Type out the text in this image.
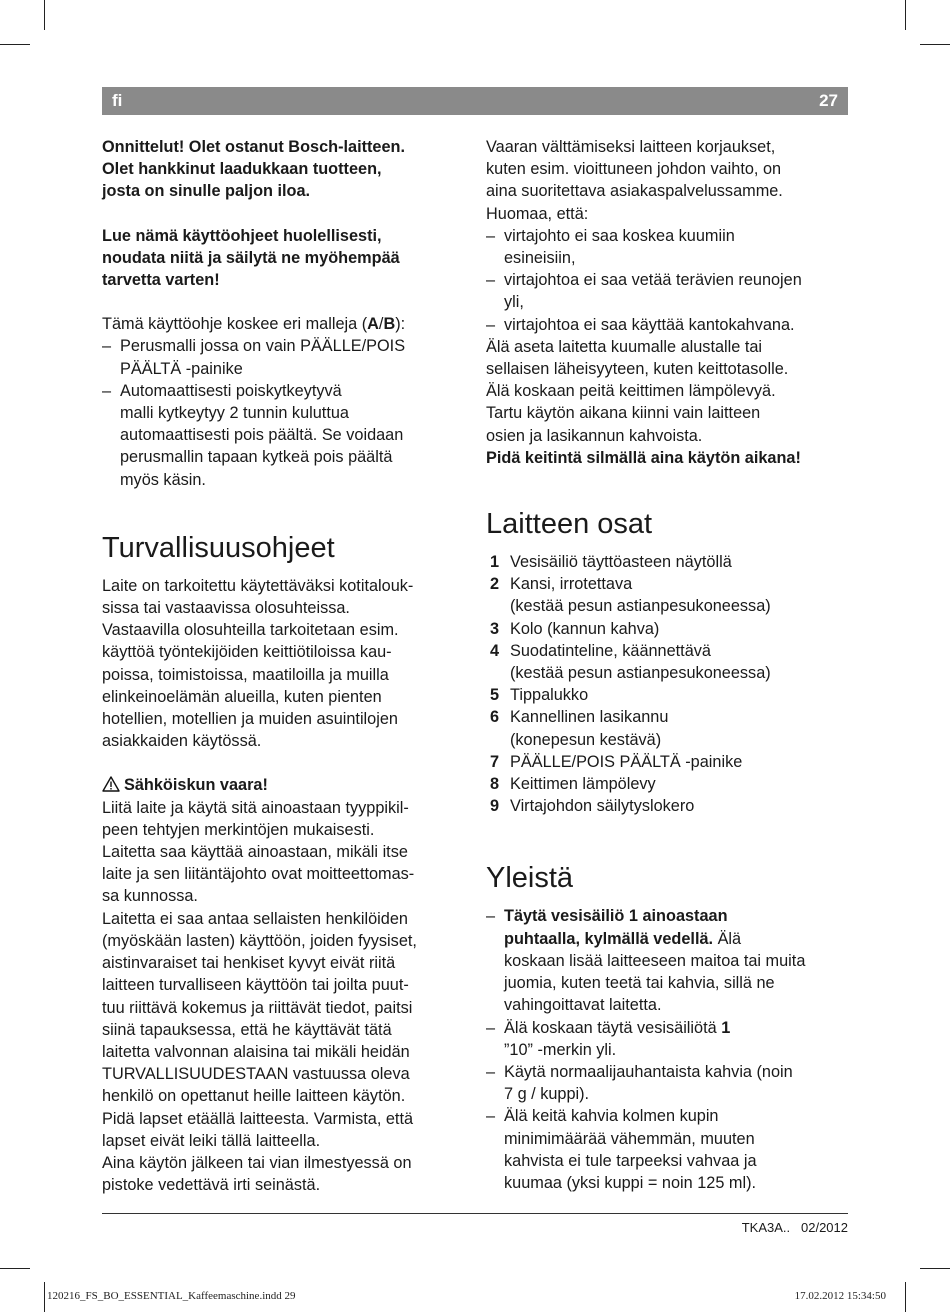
fi	27

Onnittelut! Olet ostanut Bosch-laitteen.

Olet hankkinut laadukkaan tuotteen,

josta on sinulle paljon iloa.

Lue nämä käyttöohjeet huolellisesti,

noudata niitä ja säilytä ne myöhempää

tarvetta varten!

Tämä käyttöohje koskee eri malleja (A/B):

– Perusmalli jossa on vain PÄÄLLE/POIS

PÄÄLTÄ -painike

– Automaattisesti poiskytkeytyvä

malli kytkeytyy 2 tunnin kuluttua

automaattisesti pois päältä. Se voidaan

perusmallin tapaan kytkeä pois päältä

myös käsin.

Turvallisuusohjeet

Laite on tarkoitettu käytettäväksi kotitalouk-

sissa tai vastaavissa olosuhteissa.

Vastaavilla olosuhteilla tarkoitetaan esim.

käyttöä työntekijöiden keittiötiloissa kau-

poissa, toimistoissa, maatiloilla ja muilla

elinkeinoelämän alueilla, kuten pienten

hotellien, motellien ja muiden asuintilojen

asiakkaiden käytössä.

Sähköiskun vaara!

Liitä laite ja käytä sitä ainoastaan tyyppikil-

peen tehtyjen merkintöjen mukaisesti.

Laitetta saa käyttää ainoastaan, mikäli itse

laite ja sen liitäntäjohto ovat moitteettomas-

sa kunnossa.

Laitetta ei saa antaa sellaisten henkilöiden

(myöskään lasten) käyttöön, joiden fyysiset,

aistinvaraiset tai henkiset kyvyt eivät riitä

laitteen turvalliseen käyttöön tai joilta puut-

tuu riittävä kokemus ja riittävät tiedot, paitsi

siinä tapauksessa, että he käyttävät tätä

laitetta valvonnan alaisina tai mikäli heidän

TURVALLISUUDESTAAN vastuussa oleva

henkilö on opettanut heille laitteen käytön.

Pidä lapset etäällä laitteesta. Varmista, että

lapset eivät leiki tällä laitteella.

Aina käytön jälkeen tai vian ilmestyessä on

pistoke vedettävä irti seinästä.

Vaaran välttämiseksi laitteen korjaukset,

kuten esim. vioittuneen johdon vaihto, on

aina suoritettava asiakaspalvelussamme.

Huomaa, että:

– virtajohto ei saa koskea kuumiin

esineisiin,

– virtajohtoa ei saa vetää terävien reunojen

yli,

– virtajohtoa ei saa käyttää kantokahvana.

Älä aseta laitetta kuumalle alustalle tai

sellaisen läheisyyteen, kuten keittotasolle.

Älä koskaan peitä keittimen lämpölevyä.

Tartu käytön aikana kiinni vain laitteen

osien ja lasikannun kahvoista.

Pidä keitintä silmällä aina käytön aikana!

Laitteen osat
1 Vesisäiliö täyttöasteen näytöllä

2 Kansi, irrotettava

(kestää pesun astianpesukoneessa)

3 Kolo (kannun kahva)

4 Suodatinteline, käännettävä

(kestää pesun astianpesukoneessa)

5 Tippalukko

6 Kannellinen lasikannu

(konepesun kestävä)

7 PÄÄLLE/POIS PÄÄLTÄ -painike

8 Keittimen lämpölevy

9 Virtajohdon säilytyslokero

Yleistä

– Täytä vesisäiliö 1 ainoastaan

puhtaalla, kylmällä vedellä. Älä

koskaan lisää laitteeseen maitoa tai muita

juomia, kuten teetä tai kahvia, sillä ne

vahingoittavat laitetta.

– Älä koskaan täytä vesisäiliötä 1

”10” -merkin yli.

– Käytä normaalijauhantaista kahvia (noin

7 g / kuppi).

– Älä keitä kahvia kolmen kupin

minimimäärää vähemmän, muuten

kahvista ei tule tarpeeksi vahvaa ja

kuumaa (yksi kuppi = noin 125 ml).

TKA3A.. 02/2012
120216_FS_BO_ESSENTIAL_Kaffeemaschine.indd 29	17.02.2012 15:34:50
